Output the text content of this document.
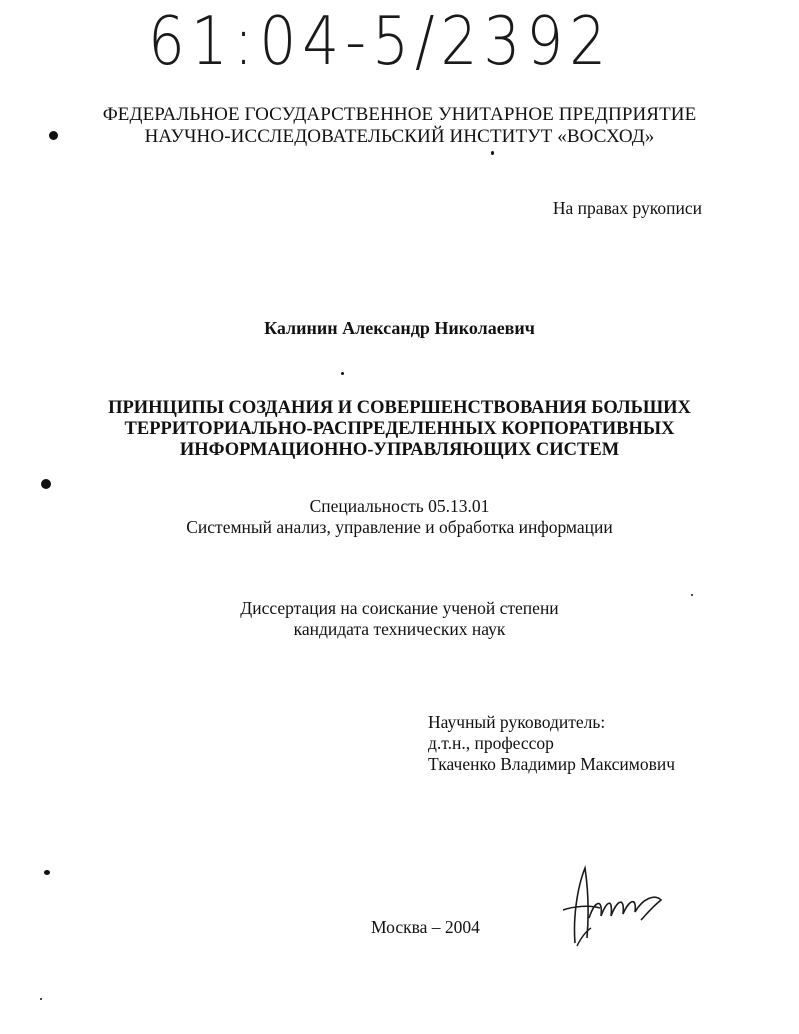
61:04-5/2392
ФЕДЕРАЛЬНОЕ ГОСУДАРСТВЕННОЕ УНИТАРНОЕ ПРЕДПРИЯТИЕ
НАУЧНО-ИССЛЕДОВАТЕЛЬСКИЙ ИНСТИТУТ «ВОСХОД»
На правах рукописи
Калинин Александр Николаевич
ПРИНЦИПЫ СОЗДАНИЯ И СОВЕРШЕНСТВОВАНИЯ БОЛЬШИХ
ТЕРРИТОРИАЛЬНО-РАСПРЕДЕЛЕННЫХ КОРПОРАТИВНЫХ
ИНФОРМАЦИОННО-УПРАВЛЯЮЩИХ СИСТЕМ
Специальность 05.13.01
Системный анализ, управление и обработка информации
Диссертация на соискание ученой степени
кандидата технических наук
Научный руководитель:
д.т.н., профессор
Ткаченко Владимир Максимович
Москва – 2004
